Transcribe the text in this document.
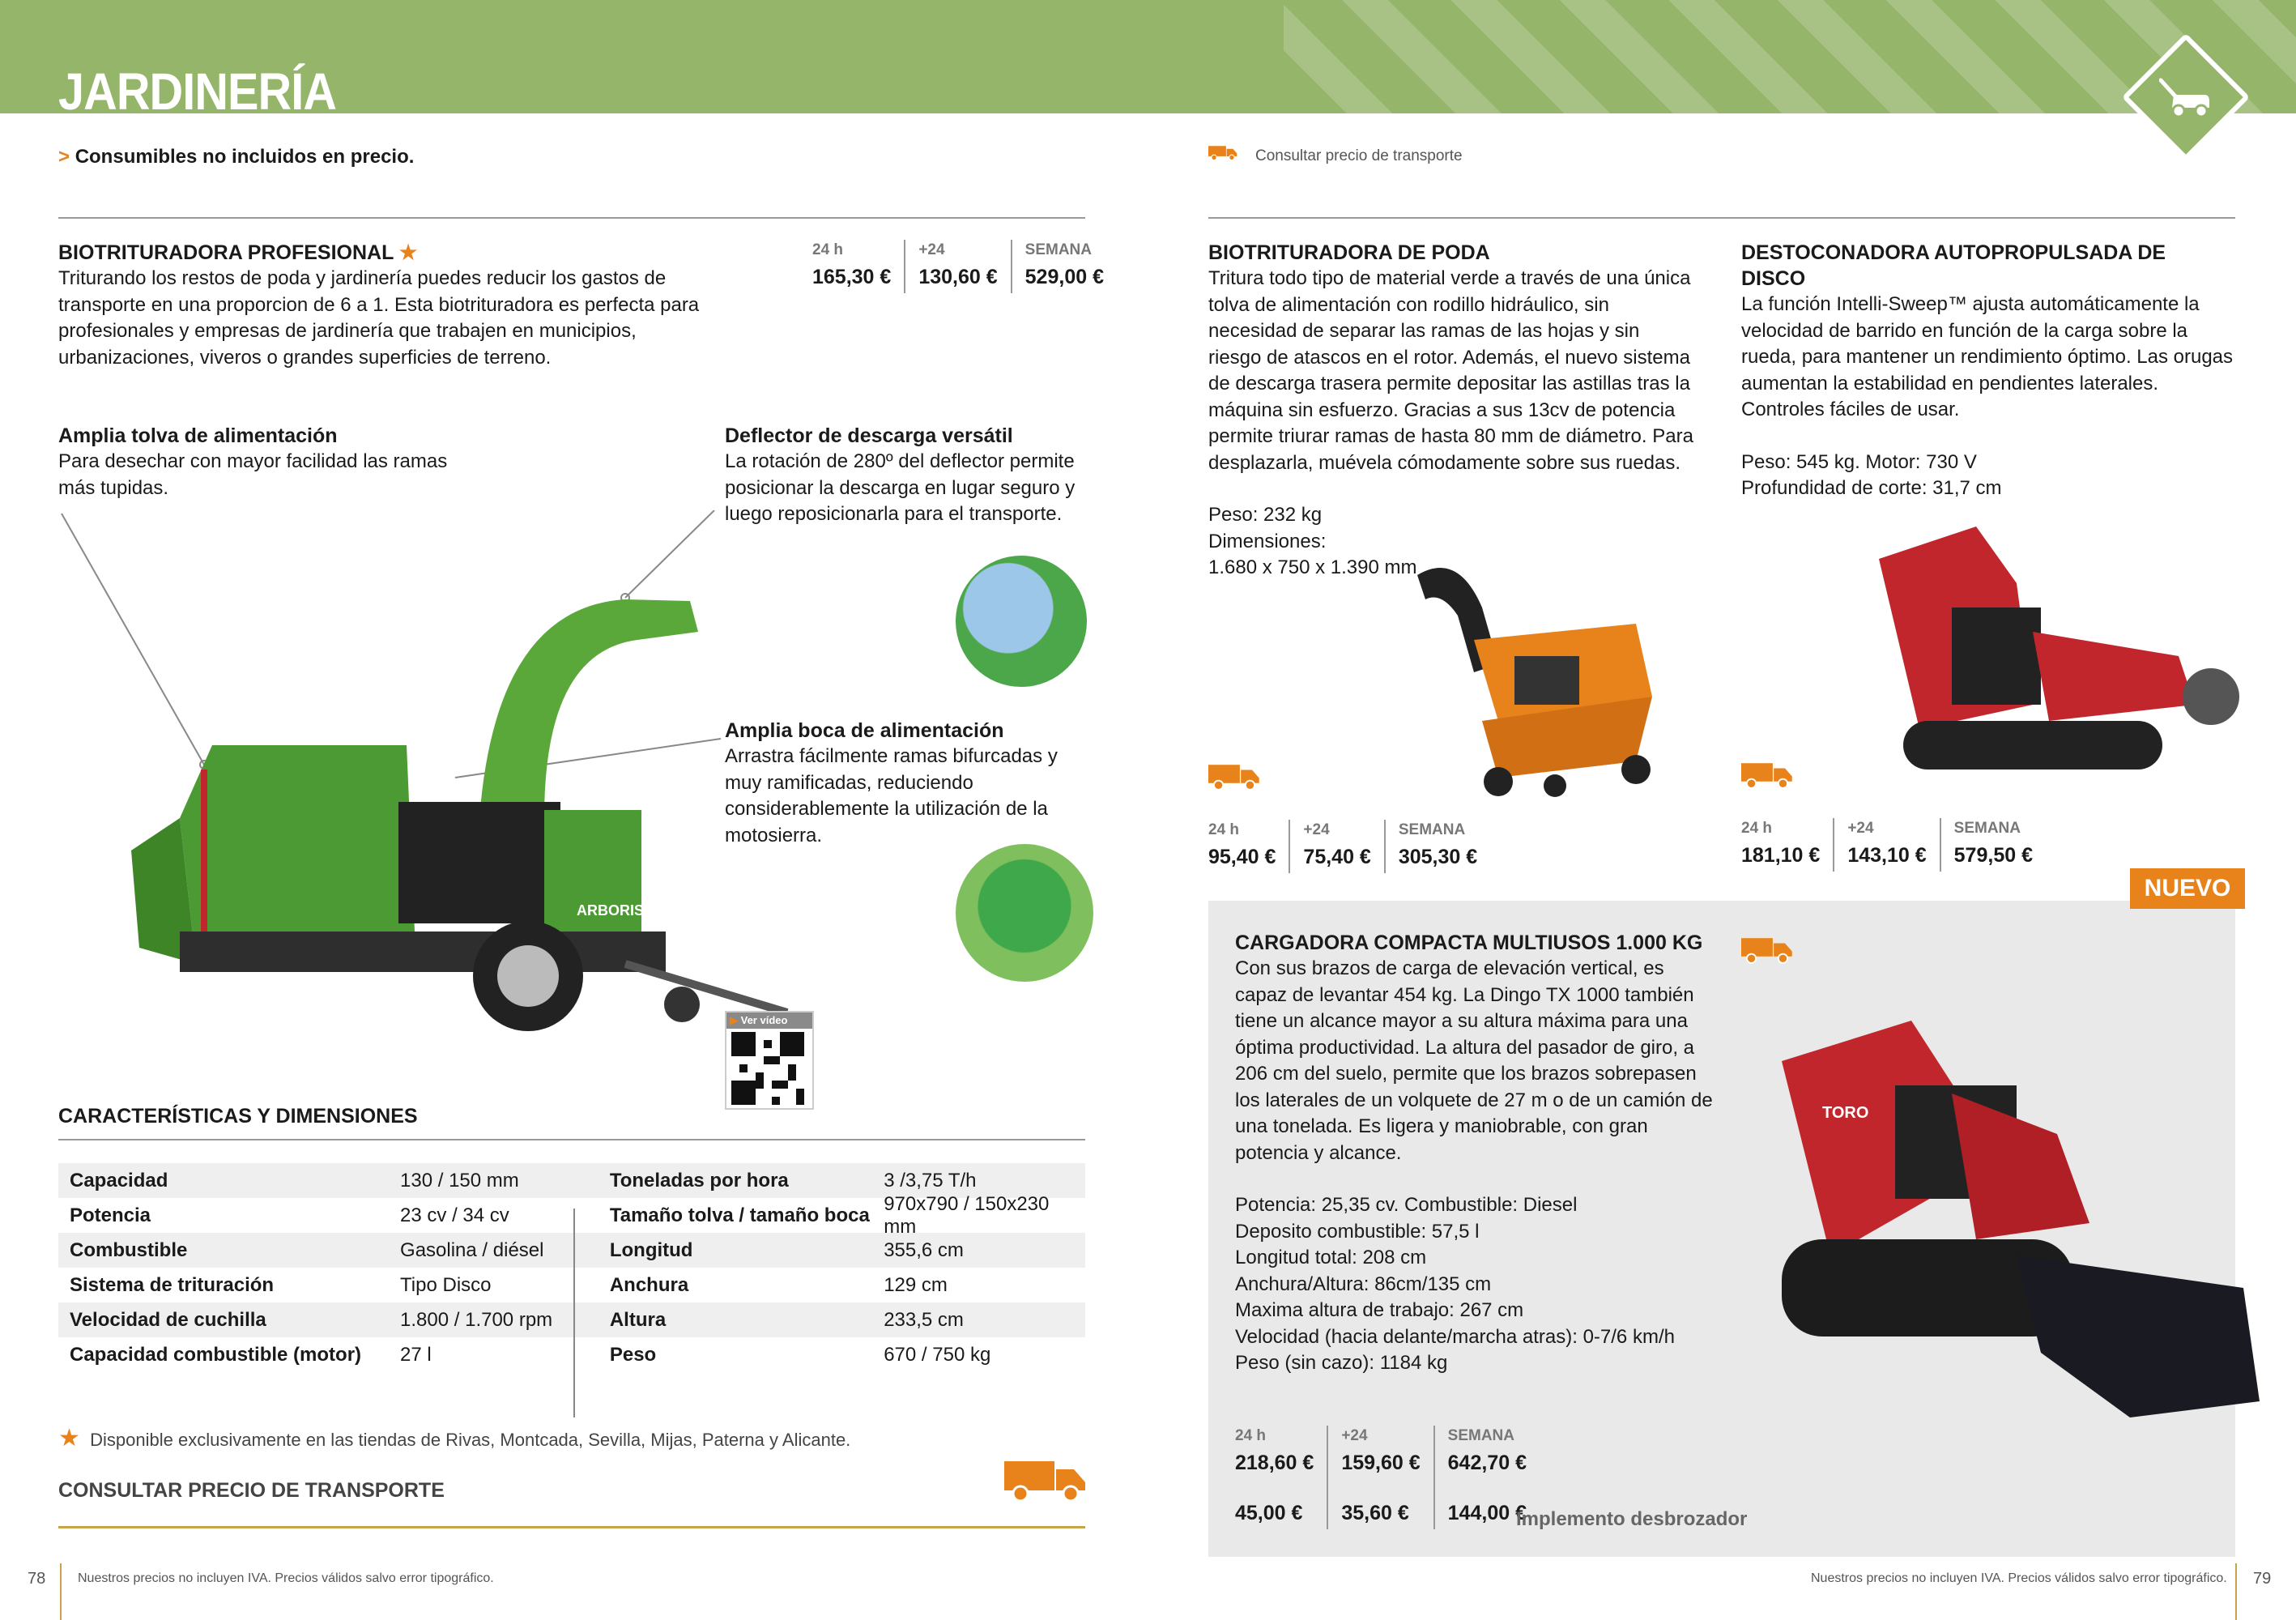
JARDINERÍA
> Consumibles no incluidos en precio.
BIOTRITURADORA PROFESIONAL ★
Triturando los restos de poda y jardinería puedes reducir los gastos de transporte en una proporcion de 6 a 1. Esta biotrituradora es perfecta para profesionales y empresas de jardinería que trabajen en municipios, urbanizaciones, viveros o grandes superficies de terreno.
24 h
165,30 €
+24
130,60 €
SEMANA
529,00 €
Amplia tolva de alimentación
Para desechar con mayor facilidad las ramas más tupidas.
Deflector de descarga versátil
La rotación de 280º del deflector permite posicionar la descarga en lugar seguro y luego reposicionarla para el transporte.
Amplia boca de alimentación
Arrastra fácilmente ramas bifurcadas y muy ramificadas, reduciendo considerablemente la utilización de la motosierra.
ARBORIST
▶ Ver vídeo
CARACTERÍSTICAS Y DIMENSIONES
Capacidad	130 / 150 mm	Toneladas por hora	3 /3,75 T/h
Potencia	23 cv / 34 cv	Tamaño tolva / tamaño boca
970x790 / 150x230 mm
Combustible	Gasolina / diésel	Longitud	355,6 cm
Sistema de trituración	Tipo Disco	Anchura	129 cm
Velocidad de cuchilla	1.800 / 1.700 rpm	Altura	233,5 cm
Capacidad combustible (motor)	27 l	Peso	670 / 750 kg
★ Disponible exclusivamente en las tiendas de Rivas, Montcada, Sevilla, Mijas, Paterna y Alicante.
CONSULTAR PRECIO DE TRANSPORTE
78 Nuestros precios no incluyen IVA. Precios válidos salvo error tipográfico.
Consultar precio de transporte
BIOTRITURADORA DE PODA
Tritura todo tipo de material verde a través de una única tolva de alimentación con rodillo hidráulico, sin necesidad de separar las ramas de las hojas y sin riesgo de atascos en el rotor. Además, el nuevo sistema de descarga trasera permite depositar las astillas tras la máquina sin esfuerzo. Gracias a sus 13cv de potencia permite triurar ramas de hasta 80 mm de diámetro. Para desplazarla, muévela cómodamente sobre sus ruedas.
Peso: 232 kg
Dimensiones:
1.680 x 750 x 1.390 mm
24 h
95,40 €
+24
75,40 €
SEMANA
305,30 €
DESTOCONADORA AUTOPROPULSADA DE DISCO
La función Intelli-Sweep™ ajusta automáticamente la velocidad de barrido en función de la carga sobre la rueda, para mantener un rendimiento óptimo. Las orugas aumentan la estabilidad en pendientes laterales. Controles fáciles de usar.
Peso: 545 kg. Motor: 730 V
Profundidad de corte: 31,7 cm
24 h
181,10 €
+24
143,10 €
SEMANA
579,50 €
NUEVO
CARGADORA COMPACTA MULTIUSOS 1.000 KG
Con sus brazos de carga de elevación vertical, es capaz de levantar 454 kg. La Dingo TX 1000 también tiene un alcance mayor a su altura máxima para una óptima productividad. La altura del pasador de giro, a 206 cm del suelo, permite que los brazos sobrepasen los laterales de un volquete de 27 m o de un camión de una tonelada. Es ligera y maniobrable, con gran potencia y alcance.
Potencia: 25,35 cv. Combustible: Diesel
Deposito combustible: 57,5 l
Longitud total: 208 cm
Anchura/Altura: 86cm/135 cm
Maxima altura de trabajo: 267 cm
Velocidad (hacia delante/marcha atras): 0-7/6 km/h
Peso (sin cazo): 1184 kg
TORO
24 h
218,60 €
45,00 €
+24
159,60 €
35,60 €
SEMANA
642,70 €
144,00 €
Implemento desbrozador
Nuestros precios no incluyen IVA. Precios válidos salvo error tipográfico. 79
